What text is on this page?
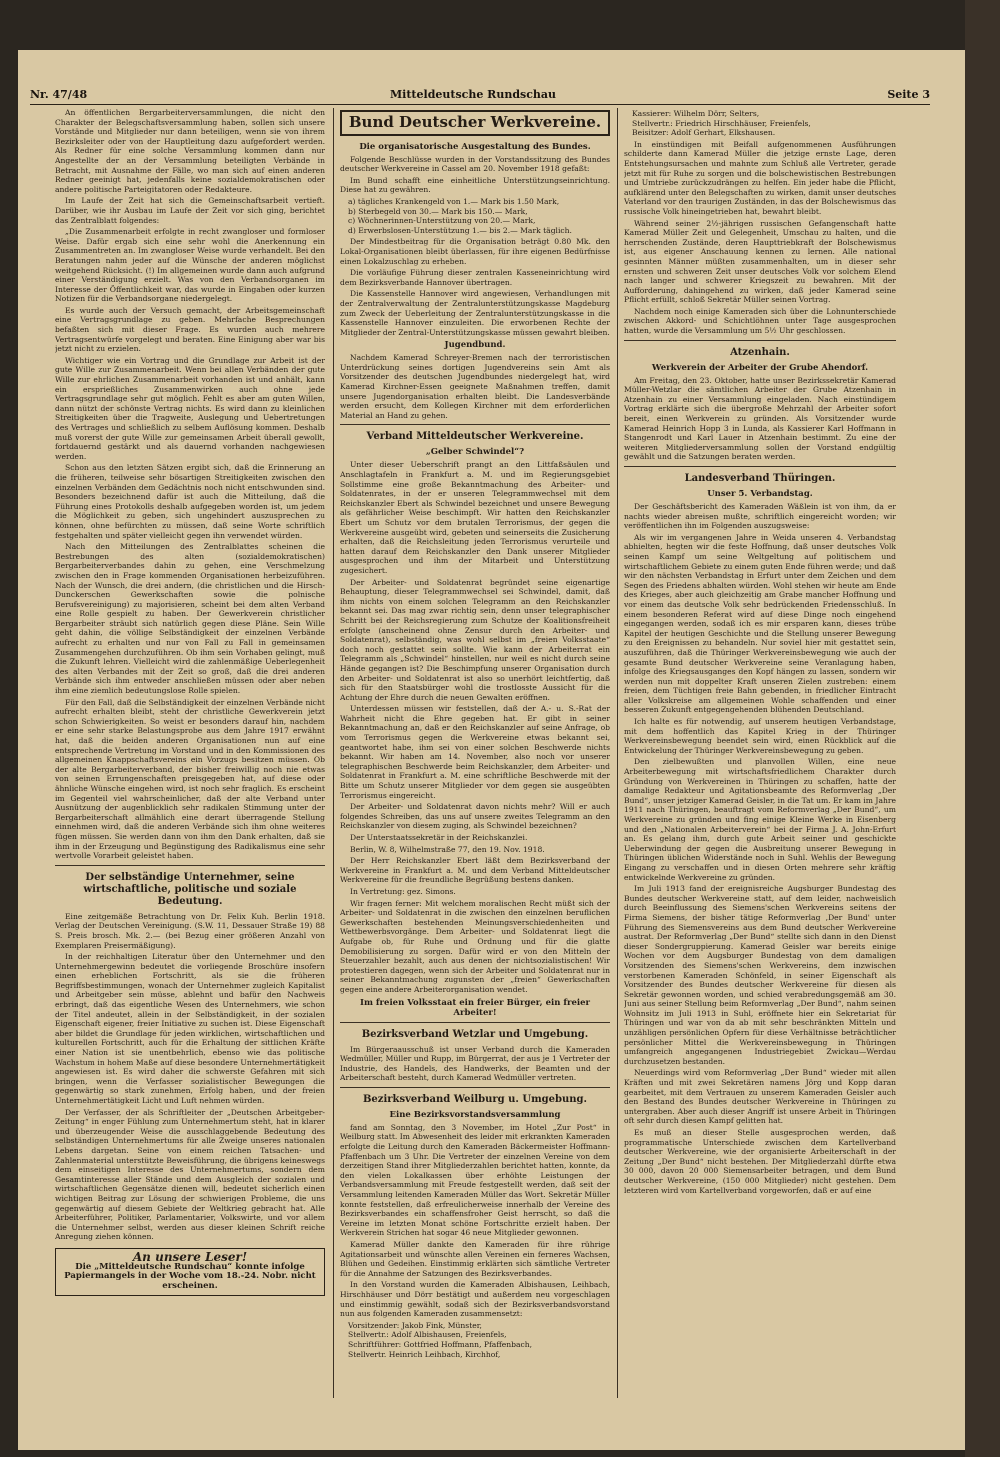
Nr. 47/48	Mitteldeutsche Rundschau	Seite 3

An öffentlichen Bergarbeiterversammlungen, die nicht den Charakter der Belegschaftsversammlung haben, sollen sich unsere Vorstände und Mitglieder nur dann beteiligen, wenn sie von ihrem Bezirksleiter oder von der Hauptleitung dazu aufgefordert werden. Als Redner für eine solche Versammlung kommen dann nur Angestellte der an der Versammlung beteiligten Verbände in Betracht, mit Ausnahme der Fälle, wo man sich auf einen anderen Redner geeinigt hat, jedenfalls keine sozialdemokratischen oder andere politische Parteigitatoren oder Redakteure.

Im Laufe der Zeit hat sich die Gemeinschaftsarbeit vertieft. Darüber, wie ihr Ausbau im Laufe der Zeit vor sich ging, berichtet das Zentralblatt folgendes:

„Die Zusammenarbeit erfolgte in recht zwangloser und formloser Weise. Dafür ergab sich eine sehr wohl die Anerkennung ein Zusammentreten an. Im zwangloser Weise wurde verhandelt. Bei den Beratungen nahm jeder auf die Wünsche der anderen möglichst weitgehend Rücksicht. (!) Im allgemeinen wurde dann auch aufgrund einer Verständigung erzielt. Was von den Verbandsorganen im Interesse der Öffentlichkeit war, das wurde in Eingaben oder kurzen Notizen für die Verbandsorgane niedergelegt.

Es wurde auch der Versuch gemacht, der Arbeitsgemeinschaft eine Vertragsgrundlage zu geben. Mehrfache Besprechungen befaßten sich mit dieser Frage. Es wurden auch mehrere Vertragsentwürfe vorgelegt und beraten. Eine Einigung aber war bis jetzt nicht zu erzielen.

Wichtiger wie ein Vortrag und die Grundlage zur Arbeit ist der gute Wille zur Zusammenarbeit. Wenn bei allen Verbänden der gute Wille zur ehrlichen Zusammenarbeit vorhanden ist und anhält, kann ein ersprießliches Zusammenwirken auch ohne jede Vertragsgrundlage sehr gut möglich. Fehlt es aber am guten Willen, dann nützt der schönste Vertrag nichts. Es wird dann zu kleinlichen Streitigkeiten über die Tragweite, Auslegung und Uebertretungen des Vertrages und schließlich zu selbem Auflösung kommen. Deshalb muß vorerst der gute Wille zur gemeinsamen Arbeit überall gewollt, fortdauernd gestärkt und als dauernd vorhanden nachgewiesen werden.

Schon aus den letzten Sätzen ergibt sich, daß die Erinnerung an die früheren, teilweise sehr bösartigen Streitigkeiten zwischen den einzelnen Verbänden dem Gedächtnis noch nicht entschwunden sind. Besonders bezeichnend dafür ist auch die Mitteilung, daß die Führung eines Protokolls deshalb aufgegeben worden ist, um jedem die Möglichkeit zu geben, sich ungehindert auszusprechen zu können, ohne befürchten zu müssen, daß seine Worte schriftlich festgehalten und später vielleicht gegen ihn verwendet würden.

Nach den Mitteilungen des Zentralblattes scheinen die Bestrebungen des alten (sozialdemokratischen) Bergarbeiterverbandes dahin zu gehen, eine Verschmelzung zwischen den in Frage kommenden Organisationen herbeizuführen. Nach der Wunsch, die drei andern, (die christlichen und die Hirsch-Dunckerschen Gewerkschaften sowie die polnische Berufsvereinigung) zu majorisieren, scheint bei dem alten Verband eine Rolle gespielt zu haben. Der Gewerkverein christlicher Bergarbeiter sträubt sich natürlich gegen diese Pläne. Sein Wille geht dahin, die völlige Selbständigkeit der einzelnen Verbände aufrecht zu erhalten und nur von Fall zu Fall in gemeinsamen Zusammengehen durchzuführen. Ob ihm sein Vorhaben gelingt, muß die Zukunft lehren. Vielleicht wird die zahlenmäßige Ueberlegenheit des alten Verbandes mit der Zeit so groß, daß die drei anderen Verbände sich ihm entweder anschließen müssen oder aber neben ihm eine ziemlich bedeutungslose Rolle spielen.

Für den Fall, daß die Selbständigkeit der einzelnen Verbände nicht aufrecht erhalten bleibt, steht der christliche Gewerkverein jetzt schon Schwierigkeiten. So weist er besonders darauf hin, nachdem er eine sehr starke Belastungsprobe aus dem Jahre 1917 erwähnt hat, daß die beiden anderen Organisationen nun auf eine entsprechende Vertretung im Vorstand und in den Kommissionen des allgemeinen Knappschaftsvereins ein Vorzugs besitzen müssen. Ob der alte Bergarbeiterverband, der bisher freiwillig noch nie etwas von seinen Errungenschaften preisgegeben hat, auf diese oder ähnliche Wünsche eingehen wird, ist noch sehr fraglich. Es erscheint im Gegenteil viel wahrscheinlicher, daß der alte Verband unter Ausnützung der augenblicklich sehr radikalen Stimmung unter der Bergarbeiterschaft allmählich eine derart überragende Stellung einnehmen wird, daß die anderen Verbände sich ihm ohne weiteres fügen müssen. Sie werden dann von ihm den Dank erhalten, daß sie ihm in der Erzeugung und Begünstigung des Radikalismus eine sehr wertvolle Vorarbeit geleistet haben.

Der selbständige Unternehmer, seine wirtschaftliche, politische und soziale Bedeutung.

Eine zeitgemäße Betrachtung von Dr. Felix Kuh. Berlin 1918. Verlag der Deutschen Vereinigung. (S.W. 11, Dessauer Straße 19) 88 S. Preis brosch. Mk. 2.— (bei Bezug einer größeren Anzahl von Exemplaren Preisermäßigung).

In der reichhaltigen Literatur über den Unternehmer und den Unternehmergewinn bedeutet die vorliegende Broschüre insofern einen erheblichen Fortschritt, als sie die früheren Begriffsbestimmungen, wonach der Unternehmer zugleich Kapitalist und Arbeitgeber sein müsse, ablehnt und bafür den Nachweis erbringt, daß das eigentliche Wesen des Unternehmers, wie schon der Titel andeutet, allein in der Selbständigkeit, in der sozialen Eigenschaft eigener, freier Initiative zu suchen ist. Diese Eigenschaft aber bildet die Grundlage für jeden wirklichen, wirtschaftlichen und kulturellen Fortschritt, auch für die Erhaltung der sittlichen Kräfte einer Nation ist sie unentbehrlich, ebenso wie das politische Wachstum in hohem Maße auf diese besondere Unternehmertätigkeit angewiesen ist. Es wird daher die schwerste Gefahren mit sich bringen, wenn die Verfasser sozialistischer Bewegungen die gegenwärtig so stark zunehmen, Erfolg haben, und der freien Unternehmertätigkeit Licht und Luft nehmen würden.

Der Verfasser, der als Schriftleiter der „Deutschen Arbeitgeber-Zeitung“ in enger Fühlung zum Unternehmertum steht, hat in klarer und überzeugender Weise die ausschlaggebende Bedeutung des selbständigen Unternehmertums für alle Zweige unseres nationalen Lebens dargetan. Seine von einem reichen Tatsachen- und Zahlenmaterial unterstützte Beweisführung, die übrigens keineswegs dem einseitigen Interesse des Unternehmertums, sondern dem Gesamtinteresse aller Stände und dem Ausgleich der sozialen und wirtschaftlichen Gegensätze dienen will, bedeutet sicherlich einen wichtigen Beitrag zur Lösung der schwierigen Probleme, die uns gegenwärtig auf diesem Gebiete der Weltkrieg gebracht hat. Alle Arbeiterführer, Politiker, Parlamentarier, Volkswirte, und vor allem die Unternehmer selbst, werden aus dieser kleinen Schrift reiche Anregung ziehen können.

An unsere Leser!
Die „Mitteldeutsche Rundschau“ konnte infolge Papiermangels in der Woche vom 18.-24. Nobr. nicht erscheinen.
Bund Deutscher Werkvereine.
Die organisatorische Ausgestaltung des Bundes.

Folgende Beschlüsse wurden in der Vorstandssitzung des Bundes deutscher Werkvereine in Cassel am 20. November 1918 gefaßt:

Im Bund schafft eine einheitliche Unterstützungseinrichtung. Diese hat zu gewähren.

a) tägliches Krankengeld von 1.— Mark bis 1.50 Mark,
b) Sterbegeld von 30.— Mark bis 150.— Mark,
c) Wöchnerinnen-Unterstützung von 20.— Mark,
d) Erwerbslosen-Unterstützung 1.— bis 2.— Mark täglich.

Der Mindestbeitrag für die Organisation beträgt 0.80 Mk. den Lokal-Organisationen bleibt überlassen, für ihre eigenen Bedürfnisse einen Lokalzuschlag zu erheben.

Die vorläufige Führung dieser zentralen Kasseneinrichtung wird dem Bezirksverbande Hannover übertragen.

Die Kassenstelle Hannover wird angewiesen, Verhandlungen mit der Zentralverwaltung der Zentralunterstützungskasse Magdeburg zum Zweck der Ueberleitung der Zentralunterstützungskasse in die Kassenstelle Hannover einzuleiten. Die erworbenen Rechte der Mitglieder der Zentral-Unterstützungskasse müssen gewahrt bleiben.

Jugendbund.

Nachdem Kamerad Schreyer-Bremen nach der terroristischen Unterdrückung seines dortigen Jugendvereins sein Amt als Vorsitzender des deutschen Jugendbundes niedergelegt hat, wird Kamerad Kirchner-Essen geeignete Maßnahmen treffen, damit unsere Jugendorganisation erhalten bleibt. Die Landesverbände werden ersucht, dem Kollegen Kirchner mit dem erforderlichen Material an Hand zu gehen.

Verband Mitteldeutscher Werkvereine.
„Gelber Schwindel“?

Unter dieser Ueberschrift prangt an den Littfaßsäulen und Anschlagtafeln in Frankfurt a. M. und im Regierungsgebiet Sollstimme eine große Bekanntmachung des Arbeiter- und Soldatenrates, in der er unseren Telegrammwechsel mit dem Reichskanzler Ebert als Schwindel bezeichnet und unsere Bewegung als gefährlicher Weise beschimpft. Wir hatten den Reichskanzler Ebert um Schutz vor dem brutalen Terrorismus, der gegen die Werkvereine ausgeübt wird, gebeten und seinerseits die Zusicherung erhalten, daß die Reichsleitung jeden Terrorismus verurteile und hatten darauf dem Reichskanzler den Dank unserer Mitglieder ausgesprochen und ihm der Mitarbeit und Unterstützung zugesichert.

Der Arbeiter- und Soldatenrat begründet seine eigenartige Behauptung, dieser Telegrammwechsel sei Schwindel, damit, daß ihm nichts von einem solchen Telegramm an den Reichskanzler bekannt sei. Das mag zwar richtig sein, denn unser telegraphischer Schritt bei der Reichsregierung zum Schutze der Koalitionsfreiheit erfolgte (anscheinend ohne Zensur durch den Arbeiter- und Soldatenrat), selbständig, was wohl selbst im „freien Volksstaate“ doch noch gestattet sein sollte. Wie kann der Arbeiterrat ein Telegramm als „Schwindel“ hinstellen, nur weil es nicht durch seine Hände gegangen ist? Die Beschimpfung unserer Organisation durch den Arbeiter- und Soldatenrat ist also so unerhört leichtfertig, daß sich für den Staatsbürger wohl die trostlosste Aussicht für die Achtung der Ehre durch die neuen Gewalten eröffnen.

Unterdessen müssen wir feststellen, daß der A.- u. S.-Rat der Wahrheit nicht die Ehre gegeben hat. Er gibt in seiner Bekanntmachung an, daß er den Reichskanzler auf seine Anfrage, ob vom Terrorismus gegen die Werkvereine etwas bekannt sei, geantwortet habe, ihm sei von einer solchen Beschwerde nichts bekannt. Wir haben am 14. November, also noch vor unserer telegraphischen Beschwerde beim Reichskanzler, dem Arbeiter- und Soldatenrat in Frankfurt a. M. eine schriftliche Beschwerde mit der Bitte um Schutz unserer Mitglieder vor dem gegen sie ausgeübten Terrorismus eingereicht.

Der Arbeiter- und Soldatenrat davon nichts mehr? Will er auch folgendes Schreiben, das uns auf unsere zweites Telegramm an den Reichskanzler von diesem zuging, als Schwindel bezeichnen?

Der Unterstaatssekretär in der Reichskanzlei.

Berlin, W. 8, Wilhelmstraße 77, den 19. Nov. 1918.

Der Herr Reichskanzler Ebert läßt dem Bezirksverband der Werkvereine in Frankfurt a. M. und dem Verband Mitteldeutscher Werkvereine für die freundliche Begrüßung bestens danken.

In Vertretung: gez. Simons.

Wir fragen ferner: Mit welchem moralischen Recht müßt sich der Arbeiter- und Soldatenrat in die zwischen den einzelnen beruflichen Gewerkschaften bestehenden Meinungsverschiedenheiten und Wettbewerbsvorgänge. Dem Arbeiter- und Soldatenrat liegt die Aufgabe ob, für Ruhe und Ordnung und für die glatte Demobilisierung zu sorgen. Dafür wird er von den Mitteln der Steuerzahler bezahlt, auch aus denen der nichtsozialistischen! Wir protestieren dagegen, wenn sich der Arbeiter und Soldatenrat nur in seiner Bekanntmachung zugunsten der „freien“ Gewerkschaften gegen eine andere Arbeiterorganisation wendet.

Im freien Volksstaat ein freier Bürger, ein freier Arbeiter!
Bezirksverband Wetzlar und Umgebung.

Im Bürgeraausschuß ist unser Verband durch die Kameraden Wedmüller, Müller und Rupp, im Bürgerrat, der aus je 1 Vertreter der Industrie, des Handels, des Handwerks, der Beamten und der Arbeiterschaft besteht, durch Kamerad Wedmüller vertreten.

Bezirksverband Weilburg u. Umgebung.
Eine Bezirksvorstandsversammlung

fand am Sonntag, den 3 November, im Hotel „Zur Post“ in Weilburg statt. Im Abwesenheit des leider mit erkrankten Kameraden erfolgte die Leitung durch den Kameraden Bäckermeister Hoffmann-Pfaffenbach um 3 Uhr. Die Vertreter der einzelnen Vereine von dem derzeitigen Stand ihrer Mitgliederzahlen berichtet hatten, konnte, da den vielen Lokalkassen über erhöhte Leistungen der Verbandsversammlung mit Freude festgestellt werden, daß seit der Versammlung leitenden Kameraden Müller das Wort. Sekretär Müller konnte feststellen, daß erfreulicherweise innerhalb der Vereine des Bezirksverbandes ein schaffensfroher Geist herrscht, so daß die Vereine im letzten Monat schöne Fortschritte erzielt haben. Der Werkverein Strichen hat sogar 46 neue Mitglieder gewonnen.

Kamerad Müller dankte den Kameraden für ihre rührige Agitationsarbeit und wünschte allen Vereinen ein ferneres Wachsen, Blühen und Gedeihen. Einstimmig erklärten sich sämtliche Vertreter für die Annahme der Satzungen des Bezirksverbandes.

In den Vorstand wurden die Kameraden Albishausen, Leihbach, Hirschhäuser und Dörr bestätigt und außerdem neu vorgeschlagen und einstimmig gewählt, sodaß sich der Bezirksverbandsvorstand nun aus folgenden Kameraden zusammensetzt:

Vorsitzender: Jakob Fink, Münster,
Stellvertr.: Adolf Albishausen, Freienfels,
Schriftführer: Gottfried Hoffmann, Pfaffenbach,
Stellvertr. Heinrich Leihbach, Kirchhof,
Kassierer: Wilhelm Dörr, Selters,
Stellvertr.: Friedrich Hirschhäuser, Freienfels,
Beisitzer: Adolf Gerhart, Elkshausen.

In einstündigen mit Beifall aufgenommenen Ausführungen schilderte dann Kamerad Müller die jetzige ernste Lage, deren Entstehungsursachen und mahnte zum Schluß alle Vertreter, gerade jetzt mit für Ruhe zu sorgen und die bolschewistischen Bestrebungen und Umtriebe zurückzudrängen zu helfen. Ein jeder habe die Pflicht, aufklärend unter den Belegschaften zu wirken, damit unser deutsches Vaterland vor den traurigen Zuständen, in das der Bolschewismus das russische Volk hineingetrieben hat, bewahrt bleibt.

Während seiner 2½-jährigen russischen Gefangenschaft hatte Kamerad Müller Zeit und Gelegenheit, Umschau zu halten, und die herrschenden Zustände, deren Haupttriebkraft der Bolschewismus ist, aus eigener Anschauung kennen zu lernen. Alle national gesinnten Männer müßten zusammenhalten, um in dieser sehr ernsten und schweren Zeit unser deutsches Volk vor solchem Elend nach langer und schwerer Kriegszeit zu bewahren. Mit der Aufforderung, dahingehend zu wirken, daß jeder Kamerad seine Pflicht erfüllt, schloß Sekretär Müller seinen Vortrag.

Nachdem noch einige Kameraden sich über die Lohnunterschiede zwischen Akkord- und Schichtlöhnen unter Tage ausgesprochen hatten, wurde die Versammlung um 5½ Uhr geschlossen.

Atzenhain.
Werkverein der Arbeiter der Grube Ahendorf.

Am Freitag, den 23. Oktober, hatte unser Bezirkssekretär Kamerad Müller-Wetzlar die sämtlichen Arbeiter der Grube Atzenhain in Atzenhain zu einer Versammlung eingeladen. Nach einstündigem Vortrag erklärte sich die übergroße Mehrzahl der Arbeiter sofort bereit, einen Werkverein zu gründen. Als Vorsitzender wurde Kamerad Heinrich Hopp 3 in Lunda, als Kassierer Karl Hoffmann in Stangenrodt und Karl Lauer in Atzenhain bestimmt. Zu eine der weiteren Mitgliederversammlung sollen der Vorstand endgültig gewählt und die Satzungen beraten werden.

Landesverband Thüringen.
Unser 5. Verbandstag.

Der Geschäftsbericht des Kameraden Wäßlein ist von ihm, da er nachts wieder abreisen mußte, schriftlich eingereicht worden; wir veröffentlichen ihn im Folgenden auszugsweise:

Als wir im vergangenen Jahre in Weida unseren 4. Verbandstag abhielten, hegten wir die feste Hoffnung, daß unser deutsches Volk seinen Kampf um seine Weltgeltung auf politischem und wirtschaftlichem Gebiete zu einem guten Ende führen werde; und daß wir den nächsten Verbandstag in Erfurt unter dem Zeichen und dem Segen des Friedens abhalten würden. Wohl stehen wir heute am Ende des Krieges, aber auch gleichzeitig am Grabe mancher Hoffnung und vor einem das deutsche Volk sehr bedrückenden Friedensschluß. In einem besonderen Referat wird auf diese Dinge noch eingehend eingegangen werden, sodaß ich es mir ersparen kann, dieses trübe Kapitel der heutigen Geschichte und die Stellung unserer Bewegung zu den Ereignissen zu behandeln. Nur soviel hier mit gestattet sein, auszuführen, daß die Thüringer Werkvereinsbewegung wie auch der gesamte Bund deutscher Werkvereine seine Veranlagung haben, infolge des Kriegsausganges den Kopf hängen zu lassen, sondern wir werden nun mit doppelter Kraft unseren Zielen zustreben: einem freien, dem Tüchtigen freie Bahn gebenden, in friedlicher Eintracht aller Volkskreise am allgemeinen Wohle schaffenden und einer besseren Zukunft entgegengehenden blühenden Deutschland.

Ich halte es für notwendig, auf unserem heutigen Verbandstage, mit dem hoffentlich das Kapitel Krieg in der Thüringer Werkvereinsbewegung beendet sein wird, einen Rückblick auf die Entwickelung der Thüringer Werkvereinsbewegung zu geben.

Den zielbewußten und planvollen Willen, eine neue Arbeiterbewegung mit wirtschaftsfriedlichem Charakter durch Gründung von Werkvereinen in Thüringen zu schaffen, hatte der damalige Redakteur und Agitationsbeamte des Reformverlag „Der Bund“, unser jetziger Kamerad Geisler, in die Tat um. Er kam im Jahre 1911 nach Thüringen, beauftragt vom Reformverlag „Der Bund“, um Werkvereine zu gründen und fing einige Kleine Werke in Eisenberg und den „Nationalen Arbeiterverein“ bei der Firma J. A. John-Erfurt an. Es gelang ihm, durch gute Arbeit seiner und geschickte Ueberwindung der gegen die Ausbreitung unserer Bewegung in Thüringen üblichen Widerstände noch in Suhl. Wehlis der Bewegung Eingang zu verschaffen und in diesen Orten mehrere sehr kräftig entwickelnde Werkvereine zu gründen.

Im Juli 1913 fand der ereignisreiche Augsburger Bundestag des Bundes deutscher Werkvereine statt, auf dem leider, nachweislich durch Beeinflussung des Siemens'schen Werkvereins seitens der Firma Siemens, der bisher tätige Reformverlag ,Der Bund' unter Führung des Siemensvereins aus dem Bund deutscher Werkvereine austrat. Der Reformverlag „Der Bund“ stellte sich dann in den Dienst dieser Sondergruppierung. Kamerad Geisler war bereits einige Wochen vor dem Augsburger Bundestag von dem damaligen Vorsitzenden des Siemens'schen Werkvereins, dem inzwischen verstorbenen Kameraden Schönfeld, in seiner Eigenschaft als Vorsitzender des Bundes deutscher Werkvereine für diesen als Sekretär gewonnen worden, und schied verabredungsgemäß am 30. Juni aus seiner Stellung beim Reformverlag „Der Bund“, nahm seinen Wohnsitz im Juli 1913 in Suhl, eröffnete hier ein Sekretariat für Thüringen und war von da ab mit sehr beschränkten Mitteln und unzähligen persönlichen Opfern für diese Verhältnisse beträchtlicher persönlicher Mittel die Werkvereinsbewegung in Thüringen umfangreich angegangenen Industriegebiet Zwickau—Werdau durchzusetzen bestanden.

Neuerdings wird vom Reformverlag „Der Bund“ wieder mit allen Kräften und mit zwei Sekretären namens Jörg und Kopp daran gearbeitet, mit dem Vertrauen zu unserem Kameraden Geisler auch den Bestand des Bundes deutscher Werkvereine in Thüringen zu untergraben. Aber auch dieser Angriff ist unsere Arbeit in Thüringen oft sehr durch diesen Kampf gelitten hat.

Es muß an dieser Stelle ausgesprochen werden, daß programmatische Unterschiede zwischen dem Kartellverband deutscher Werkvereine, wie der organisierte Arbeiterschaft in der Zeitung „Der Bund“ nicht bestehen. Der Mitgliederzahl dürfte etwa 30 000, davon 20 000 Siemensarbeiter betragen, und dem Bund deutscher Werkvereine, (150 000 Mitglieder) nicht gestehen. Dem letzteren wird vom Kartellverband vorgeworfen, daß er auf eine
